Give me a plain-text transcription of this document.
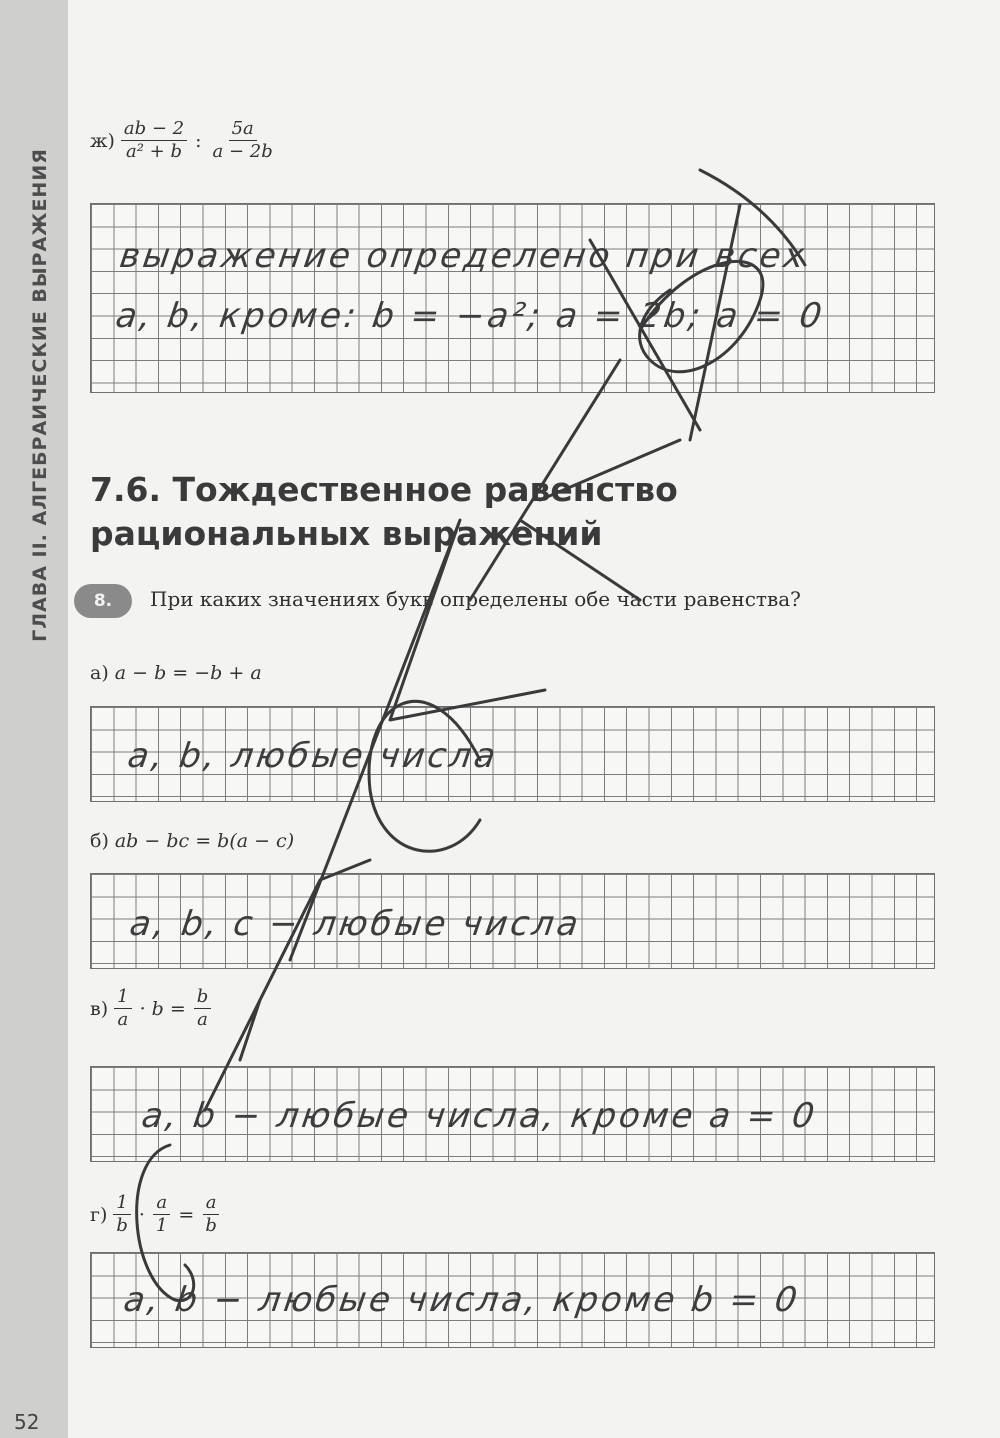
ГЛАВА II. АЛГЕБРАИЧЕСКИЕ ВЫРАЖЕНИЯ
52
$ж) \frac{ab - 2}{\text{a² + b}}$ : $\frac{5a}{a - 2b}$
выражение определено при всех
a, b, кроме: b = −a²; a = 2b; a = 0
7.6. Тождественное равенство рациональных выражений
8.	При каких значениях букв определены обе части равенства?
а) a − b = −b + a
a, b, любые числа
б) ab − bc = b(a − c)
a, b, c − любые числа
$в) \frac{1}{a} \cdot b = \frac{b}{a}$
a, b − любые числа, кроме a = 0
$г) \frac{1}{b} \cdot \frac{a}{1} = \frac{a}{b}$
a, b − любые числа, кроме b = 0
